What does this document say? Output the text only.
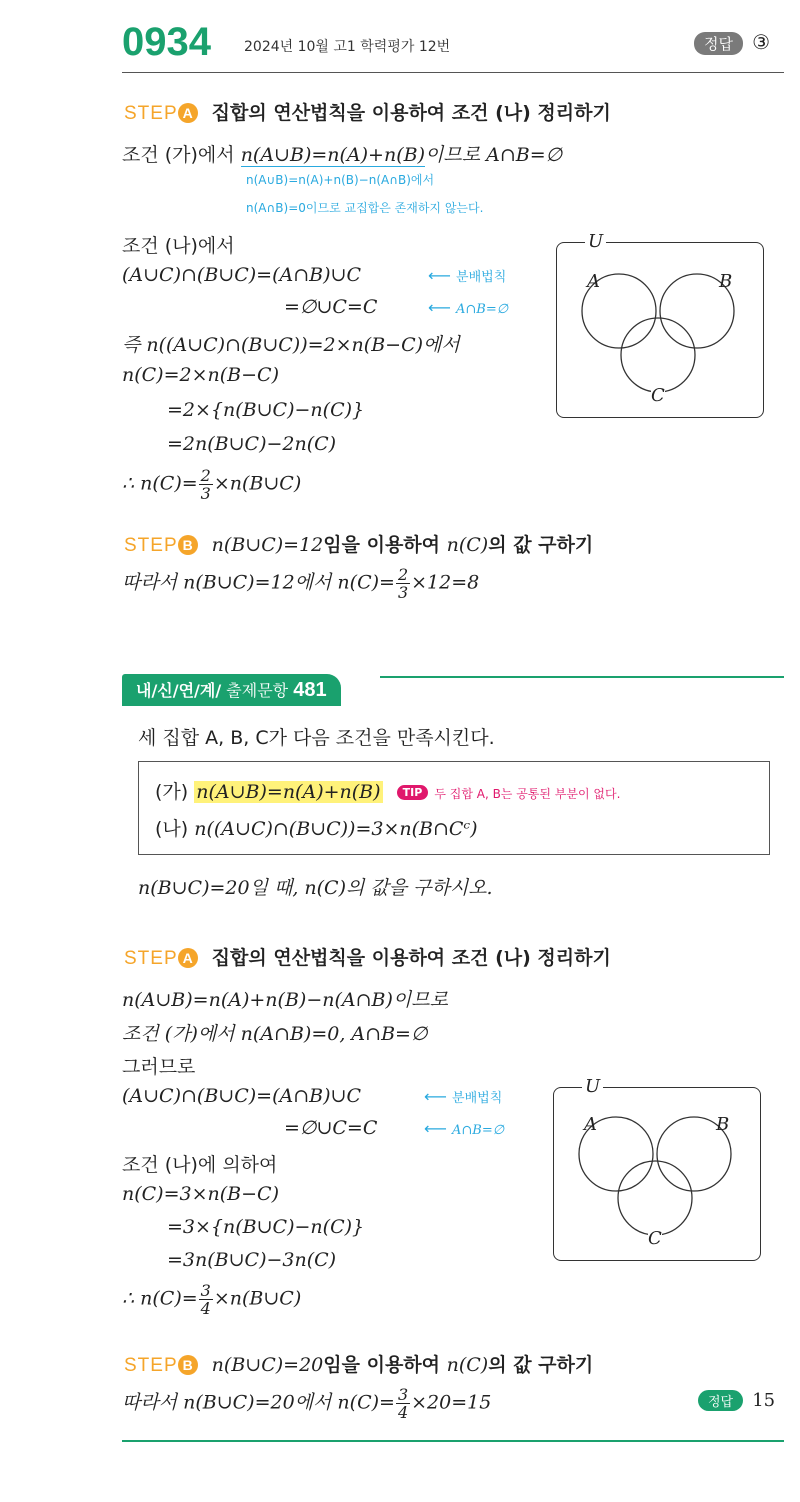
0934 2024년 10월 고1 학력평가 12번	정답 ③
STEP A 집합의 연산법칙을 이용하여 조건 (나) 정리하기
조건 (가)에서 n(A∪B)=n(A)+n(B)이므로 A∩B=∅
n(A∪B)=n(A)+n(B)−n(A∩B)에서
n(A∩B)=0이므로 교집합은 존재하지 않는다.
조건 (나)에서
(A∪C)∩(B∪C)=(A∩B)∪C	⟵ 분배법칙
=∅∪C=C	⟵ A∩B=∅
즉 n((A∪C)∩(B∪C))=2×n(B−C)에서
n(C)=2×n(B−C)
=2×{n(B∪C)−n(C)}
=2n(B∪C)−2n(C)
∴ $n(C)= \frac{2}{3}$ ×n(B∪C)
U
A	B
C
STEP B n(B∪C)=12임을 이용하여 n(C)의 값 구하기
따라서 n(B∪C)=12에서 $n(C)= \frac{2}{3} \times 12=8$
내/신/연/계/ 출제문항 481
세 집합 A, B, C가 다음 조건을 만족시킨다.
(가) n(A∪B)=n(A)+n(B) TIP 두 집합 A, B는 공통된 부분이 없다.
(나) n((A∪C)∩(B∪C))=3×n(B∩Cᶜ)
n(B∪C)=20일 때, n(C)의 값을 구하시오.
STEP A 집합의 연산법칙을 이용하여 조건 (나) 정리하기
n(A∪B)=n(A)+n(B)−n(A∩B)이므로
조건 (가)에서 n(A∩B)=0, A∩B=∅
그러므로
(A∪C)∩(B∪C)=(A∩B)∪C	⟵ 분배법칙
=∅∪C=C	⟵ A∩B=∅
조건 (나)에 의하여
n(C)=3×n(B−C)
=3×{n(B∪C)−n(C)}
=3n(B∪C)−3n(C)
∴ $n(C)= \frac{3}{4}$ ×n(B∪C)
U
A	B
C
STEP B n(B∪C)=20임을 이용하여 n(C)의 값 구하기
따라서 n(B∪C)=20에서 $n(C)= \frac{3}{4} \times 20=15$	정답 15
